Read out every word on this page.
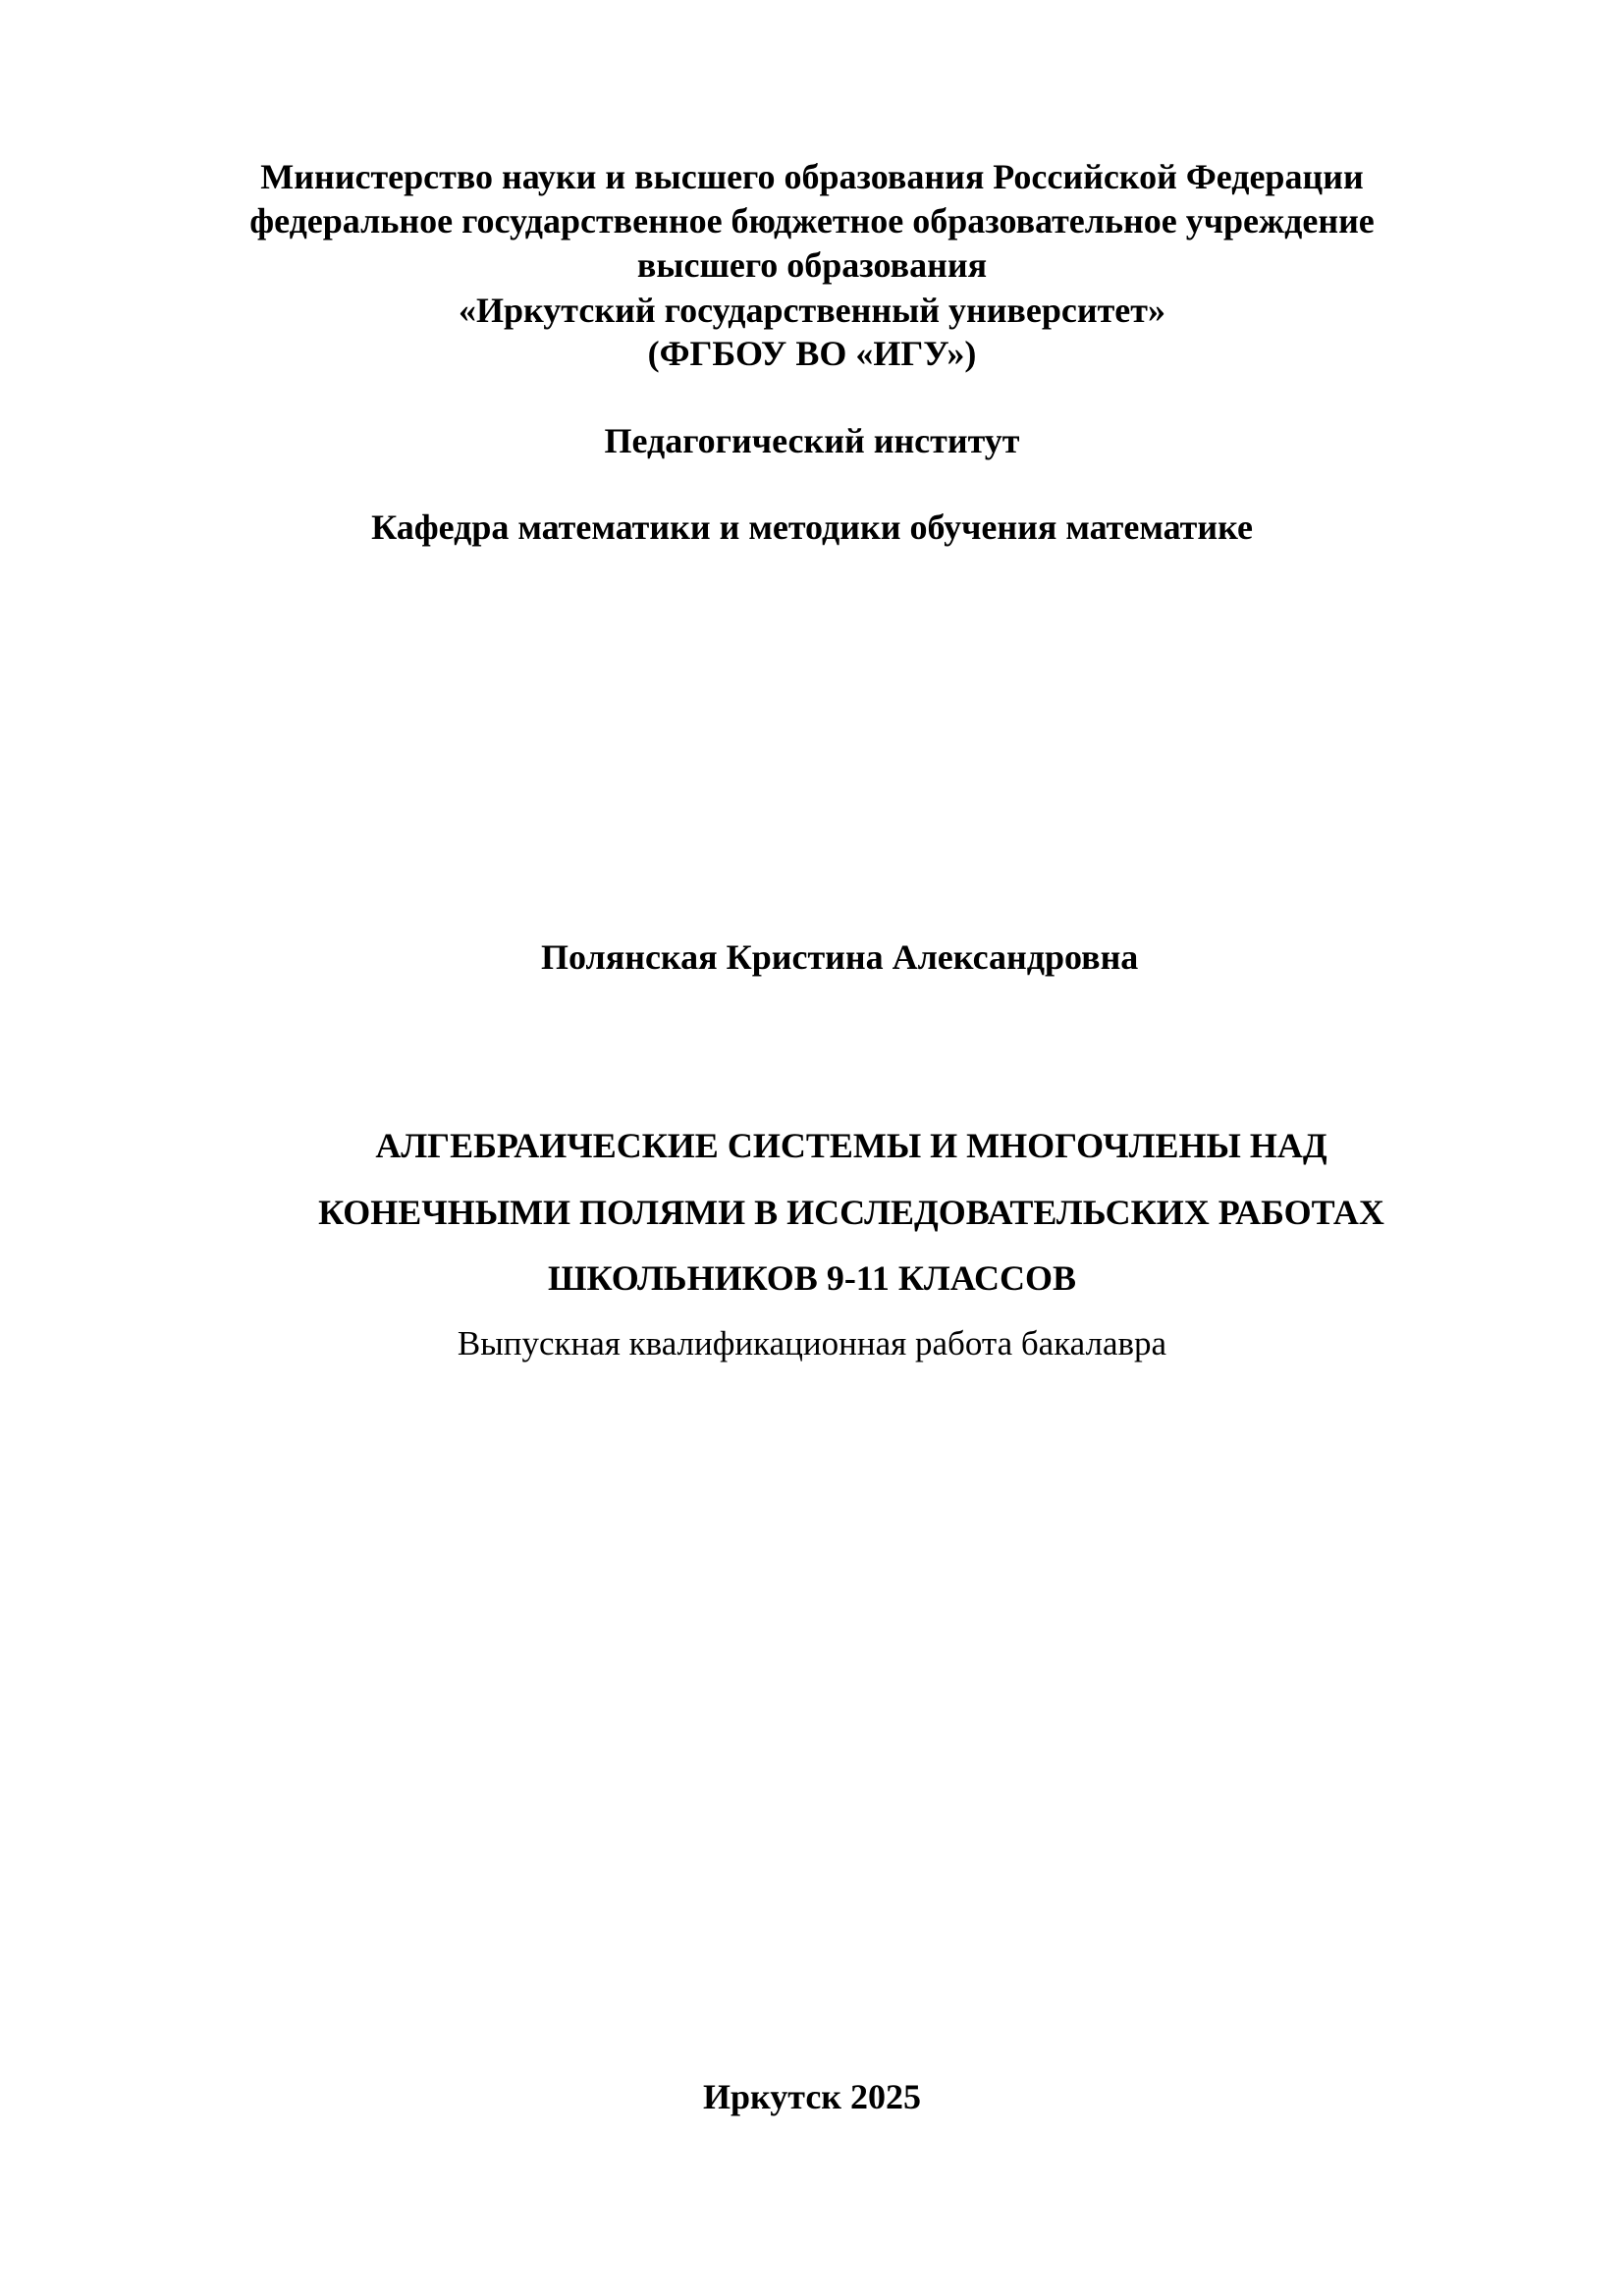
Министерство науки и высшего образования Российской Федерации
федеральное государственное бюджетное образовательное учреждение
высшего образования
«Иркутский государственный университет»
(ФГБОУ ВО «ИГУ»)
Педагогический институт
Кафедра математики и методики обучения математике
Полянская Кристина Александровна
АЛГЕБРАИЧЕСКИЕ СИСТЕМЫ И МНОГОЧЛЕНЫ НАД
КОНЕЧНЫМИ ПОЛЯМИ В ИССЛЕДОВАТЕЛЬСКИХ РАБОТАХ
ШКОЛЬНИКОВ 9-11 КЛАССОВ
Выпускная квалификационная работа бакалавра
Иркутск 2025
